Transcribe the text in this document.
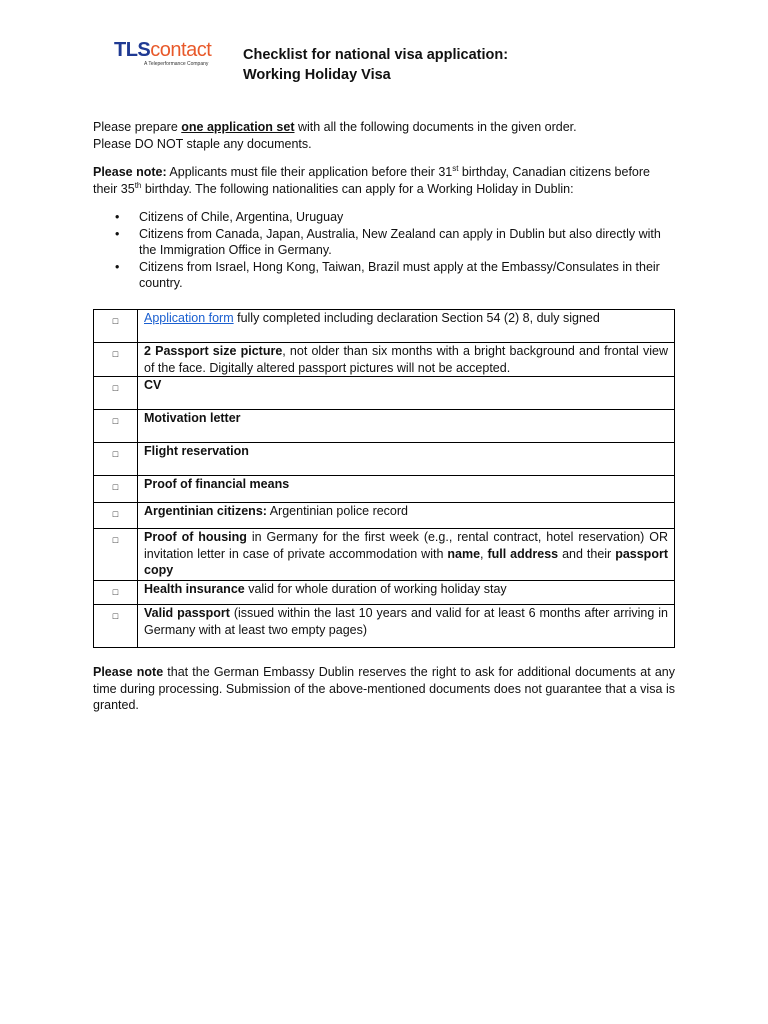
TLScontact
A Teleperformance Company
Checklist for national visa application:
Working Holiday Visa
Please prepare one application set with all the following documents in the given order.
Please DO NOT staple any documents.
Please note: Applicants must file their application before their 31st birthday, Canadian citizens before their 35th birthday. The following nationalities can apply for a Working Holiday in Dublin:
• Citizens of Chile, Argentina, Uruguay
• Citizens from Canada, Japan, Australia, New Zealand can apply in Dublin but also directly with the Immigration Office in Germany.
• Citizens from Israel, Hong Kong, Taiwan, Brazil must apply at the Embassy/Consulates in their country.
□	Application form fully completed including declaration Section 54 (2) 8, duly signed
□	2 Passport size picture, not older than six months with a bright background and frontal view of the face. Digitally altered passport pictures will not be accepted.
□	CV
□	Motivation letter
□	Flight reservation
□	Proof of financial means
□	Argentinian citizens: Argentinian police record
□	Proof of housing in Germany for the first week (e.g., rental contract, hotel reservation) OR invitation letter in case of private accommodation with name, full address and their passport copy
□	Health insurance valid for whole duration of working holiday stay
□	Valid passport (issued within the last 10 years and valid for at least 6 months after arriving in Germany with at least two empty pages)
Please note that the German Embassy Dublin reserves the right to ask for additional documents at any time during processing. Submission of the above-mentioned documents does not guarantee that a visa is granted.
